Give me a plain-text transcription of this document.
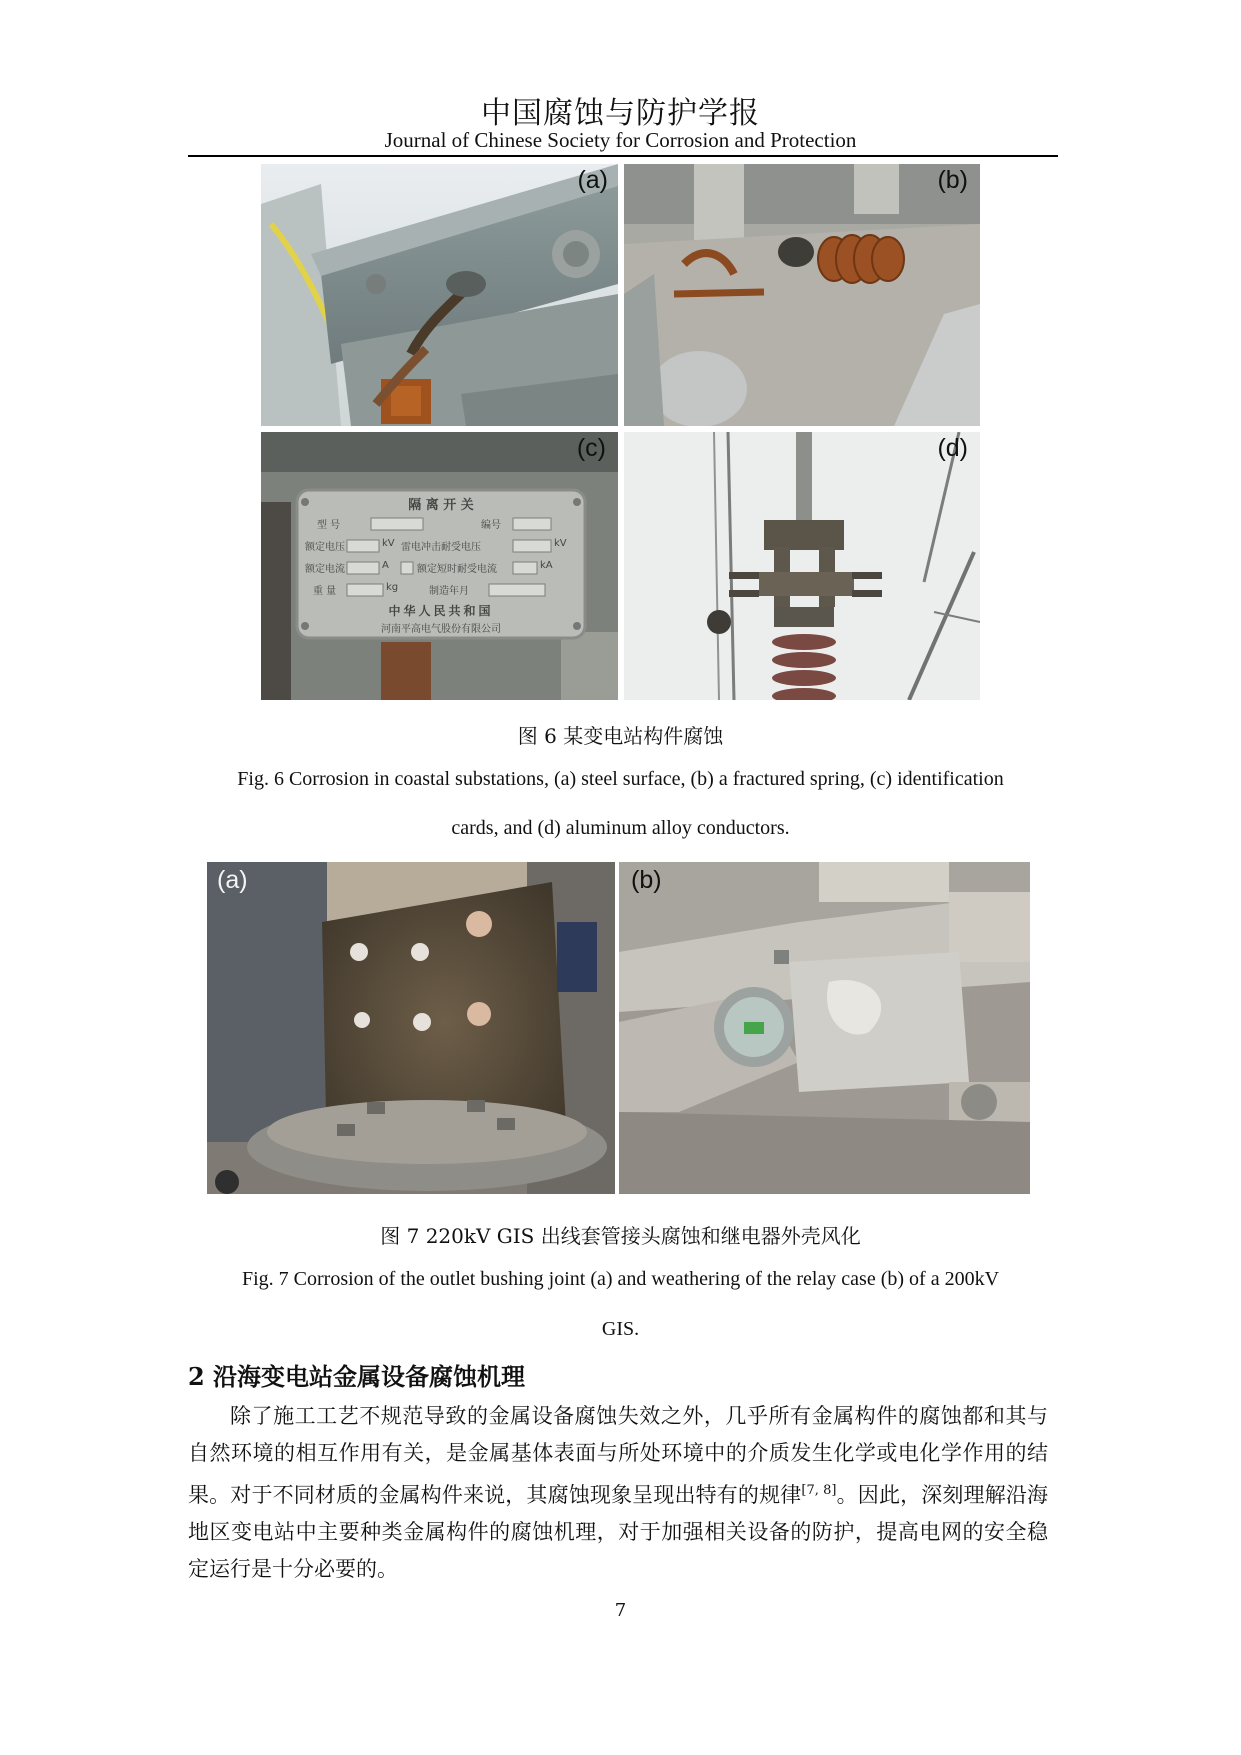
中国腐蚀与防护学报
Journal of Chinese Society for Corrosion and Protection
(a)	(b)
隔 离 开 关
型 号	编号
额定电压	kV 雷电冲击耐受电压	kV
额定电流	A	额定短时耐受电流	kA
重 量	kg	制造年月
中华人民共和国
河南平高电气股份有限公司
(c)	(d)
图 6 某变电站构件腐蚀
Fig. 6 Corrosion in coastal substations, (a) steel surface, (b) a fractured spring, (c) identification
cards, and (d) aluminum alloy conductors.
(a)	(b)
图 7 220kV GIS 出线套管接头腐蚀和继电器外壳风化
Fig. 7 Corrosion of the outlet bushing joint (a) and weathering of the relay case (b) of a 200kV
GIS.
2 沿海变电站金属设备腐蚀机理

除了施工工艺不规范导致的金属设备腐蚀失效之外，几乎所有金属构件的腐蚀都和其与自然环境的相互作用有关，是金属基体表面与所处环境中的介质发生化学或电化学作用的结果。对于不同材质的金属构件来说，其腐蚀现象呈现出特有的规律[7, 8]。因此，深刻理解沿海地区变电站中主要种类金属构件的腐蚀机理，对于加强相关设备的防护，提高电网的安全稳定运行是十分必要的。

7
